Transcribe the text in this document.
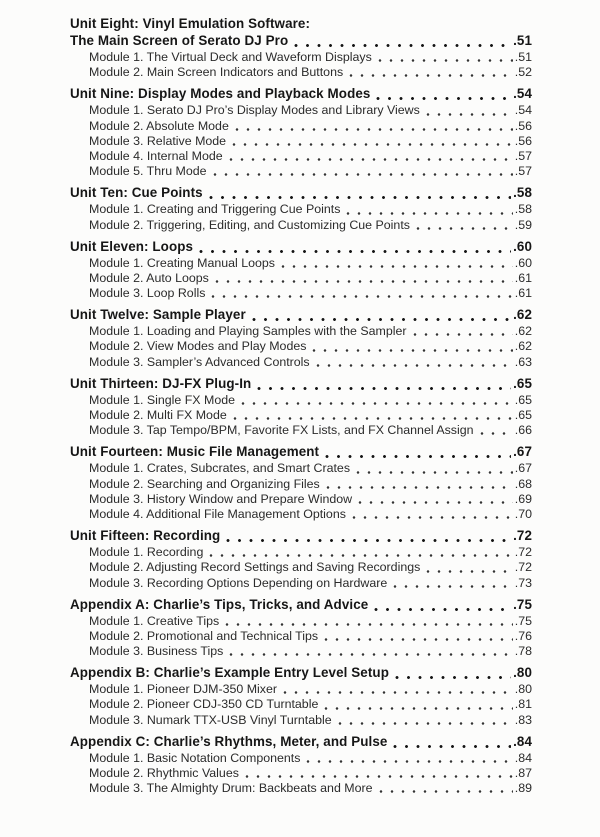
Unit Eight: Vinyl Emulation Software:
The Main Screen of Serato DJ Pro	.51
Module 1. The Virtual Deck and Waveform Displays	.51
Module 2. Main Screen Indicators and Buttons	.52
Unit Nine: Display Modes and Playback Modes	.54
Module 1. Serato DJ Pro’s Display Modes and Library Views	.54
Module 2. Absolute Mode	.56
Module 3. Relative Mode	.56
Module 4. Internal Mode	.57
Module 5. Thru Mode	.57
Unit Ten: Cue Points	.58
Module 1. Creating and Triggering Cue Points	.58
Module 2. Triggering, Editing, and Customizing Cue Points	.59
Unit Eleven: Loops	.60
Module 1. Creating Manual Loops	.60
Module 2. Auto Loops	.61
Module 3. Loop Rolls	.61
Unit Twelve: Sample Player	.62
Module 1. Loading and Playing Samples with the Sampler	.62
Module 2. View Modes and Play Modes	.62
Module 3. Sampler’s Advanced Controls	.63
Unit Thirteen: DJ-FX Plug-In	.65
Module 1. Single FX Mode	.65
Module 2. Multi FX Mode	.65
Module 3. Tap Tempo/BPM, Favorite FX Lists, and FX Channel Assign	.66
Unit Fourteen: Music File Management	.67
Module 1. Crates, Subcrates, and Smart Crates	.67
Module 2. Searching and Organizing Files	.68
Module 3. History Window and Prepare Window	.69
Module 4. Additional File Management Options	.70
Unit Fifteen: Recording	.72
Module 1. Recording	.72
Module 2. Adjusting Record Settings and Saving Recordings	.72
Module 3. Recording Options Depending on Hardware	.73
Appendix A: Charlie’s Tips, Tricks, and Advice	.75
Module 1. Creative Tips	.75
Module 2. Promotional and Technical Tips	.76
Module 3. Business Tips	.78
Appendix B: Charlie’s Example Entry Level Setup	.80
Module 1. Pioneer DJM-350 Mixer	.80
Module 2. Pioneer CDJ-350 CD Turntable	.81
Module 3. Numark TTX-USB Vinyl Turntable	.83
Appendix C: Charlie’s Rhythms, Meter, and Pulse	.84
Module 1. Basic Notation Components	.84
Module 2. Rhythmic Values	.87
Module 3. The Almighty Drum: Backbeats and More	.89
